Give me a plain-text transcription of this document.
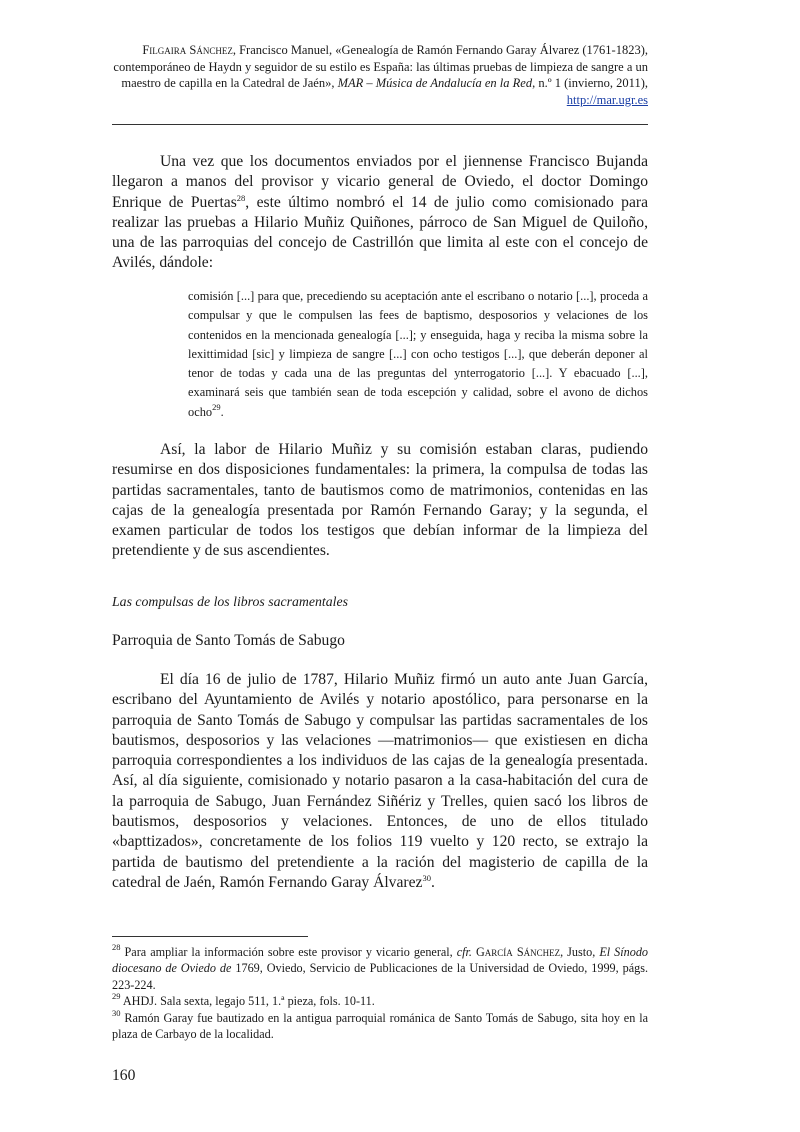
Filgaira Sánchez, Francisco Manuel, «Genealogía de Ramón Fernando Garay Álvarez (1761-1823), contemporáneo de Haydn y seguidor de su estilo es España: las últimas pruebas de limpieza de sangre a un maestro de capilla en la Catedral de Jaén», MAR – Música de Andalucía en la Red, n.º 1 (invierno, 2011), http://mar.ugr.es
Una vez que los documentos enviados por el jiennense Francisco Bujanda llegaron a manos del provisor y vicario general de Oviedo, el doctor Domingo Enrique de Puertas$^{28}$, este último nombró el 14 de julio como comisionado para realizar las pruebas a Hilario Muñiz Quiñones, párroco de San Miguel de Quiloño, una de las parroquias del concejo de Castrillón que limita al este con el concejo de Avilés, dándole:
comisión [...] para que, precediendo su aceptación ante el escribano o notario [...], proceda a compulsar y que le compulsen las fees de baptismo, desposorios y velaciones de los contenidos en la mencionada genealogía [...]; y enseguida, haga y reciba la misma sobre la lexittimidad [sic] y limpieza de sangre [...] con ocho testigos [...], que deberán deponer al tenor de todas y cada una de las preguntas del ynterrogatorio [...]. Y ebacuado [...], examinará seis que también sean de toda escepción y calidad, sobre el avono de dichos ocho$^{29}$.
Así, la labor de Hilario Muñiz y su comisión estaban claras, pudiendo resumirse en dos disposiciones fundamentales: la primera, la compulsa de todas las partidas sacramentales, tanto de bautismos como de matrimonios, contenidas en las cajas de la genealogía presentada por Ramón Fernando Garay; y la segunda, el examen particular de todos los testigos que debían informar de la limpieza del pretendiente y de sus ascendientes.
Las compulsas de los libros sacramentales
Parroquia de Santo Tomás de Sabugo
El día 16 de julio de 1787, Hilario Muñiz firmó un auto ante Juan García, escribano del Ayuntamiento de Avilés y notario apostólico, para personarse en la parroquia de Santo Tomás de Sabugo y compulsar las partidas sacramentales de los bautismos, desposorios y las velaciones —matrimonios— que existiesen en dicha parroquia correspondientes a los individuos de las cajas de la genealogía presentada. Así, al día siguiente, comisionado y notario pasaron a la casa-habitación del cura de la parroquia de Sabugo, Juan Fernández Siñériz y Trelles, quien sacó los libros de bautismos, desposorios y velaciones. Entonces, de uno de ellos titulado «bapttizados», concretamente de los folios 119 vuelto y 120 recto, se extrajo la partida de bautismo del pretendiente a la ración del magisterio de capilla de la catedral de Jaén, Ramón Fernando Garay Álvarez$^{30}$.

$^{28}$ Para ampliar la información sobre este provisor y vicario general, cfr. García Sánchez, Justo, El Sínodo diocesano de Oviedo de 1769, Oviedo, Servicio de Publicaciones de la Universidad de Oviedo, 1999, págs. 223-224.

$^{29}$ AHDJ. Sala sexta, legajo 511, 1.ª pieza, fols. 10-11.

$^{30}$ Ramón Garay fue bautizado en la antigua parroquial románica de Santo Tomás de Sabugo, sita hoy en la plaza de Carbayo de la localidad.

160
